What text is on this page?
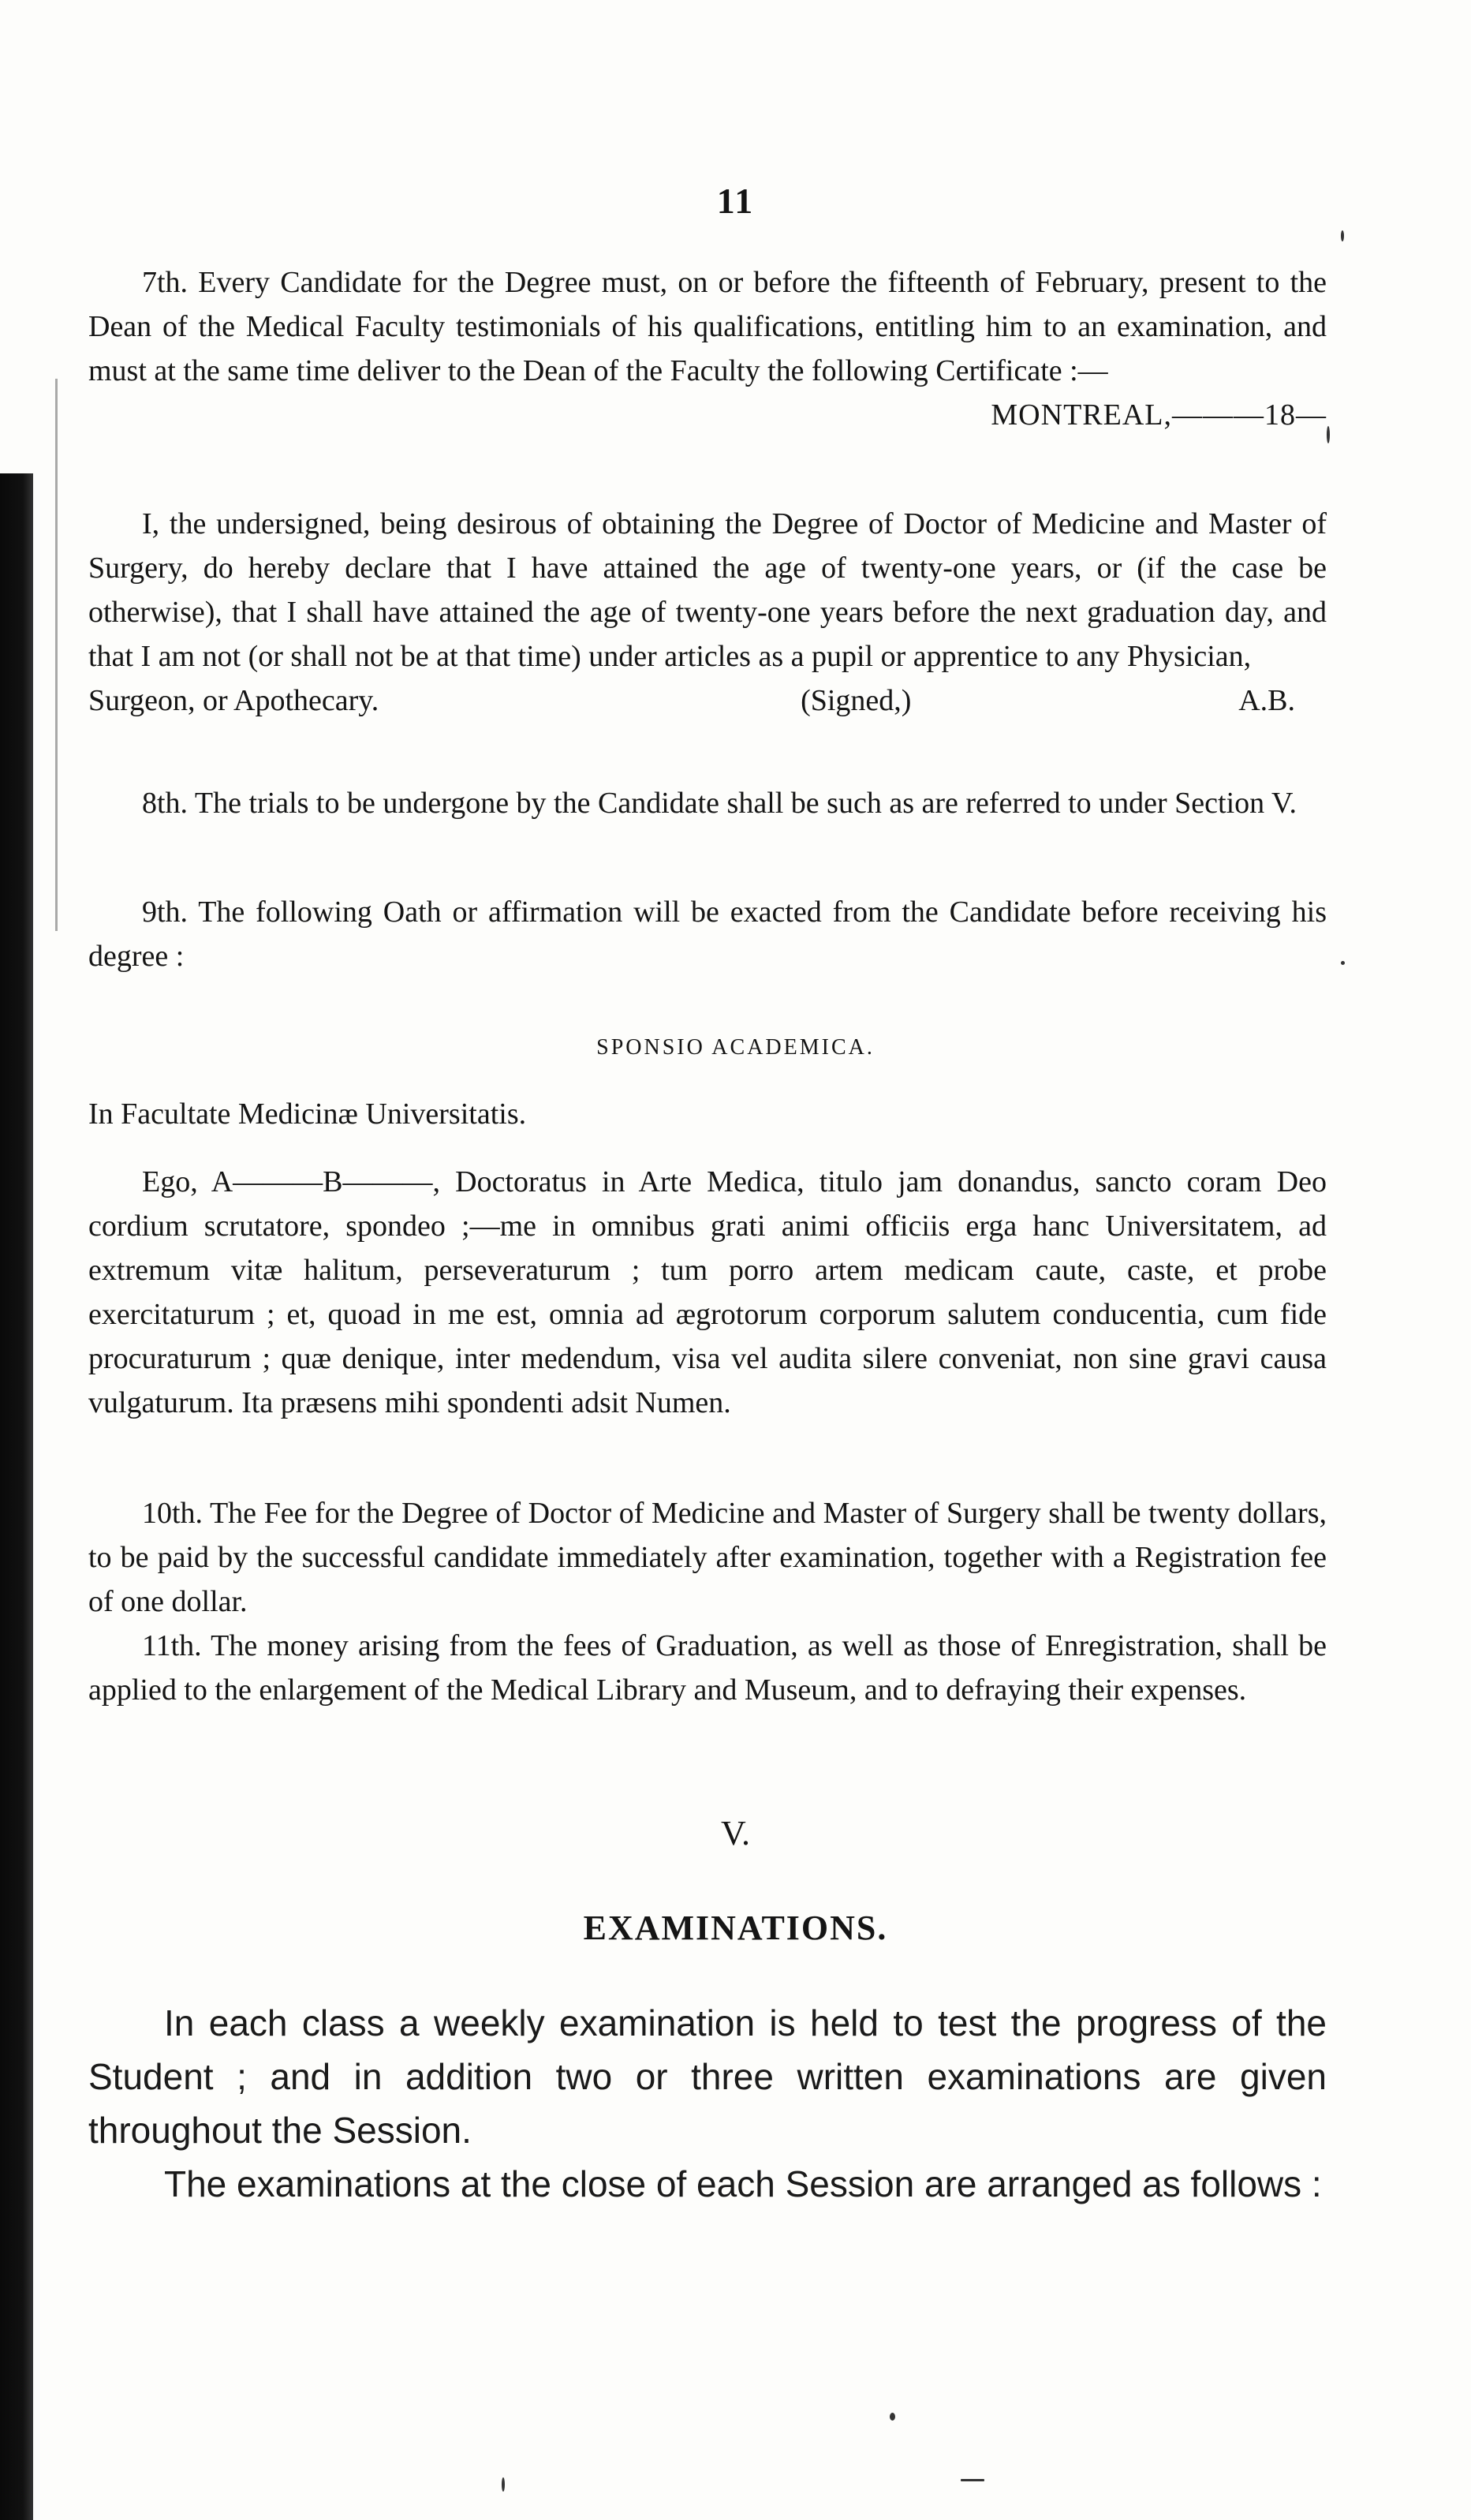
11

7th. Every Candidate for the Degree must, on or before the fifteenth of February, present to the Dean of the Medical Faculty testimonials of his qualifications, entitling him to an examination, and must at the same time deliver to the Dean of the Faculty the following Certificate :—

MONTREAL,———18—

I, the undersigned, being desirous of obtaining the Degree of Doctor of Medicine and Master of Surgery, do hereby declare that I have attained the age of twenty-one years, or (if the case be otherwise), that I shall have attained the age of twenty-one years before the next graduation day, and that I am not (or shall not be at that time) under articles as a pupil or apprentice to any Physician,

Surgeon, or Apothecary.	(Signed,)	A.B.

8th. The trials to be undergone by the Candidate shall be such as are referred to under Section V.

9th. The following Oath or affirmation will be exacted from the Candidate before receiving his degree :

SPONSIO ACADEMICA.

In Facultate Medicinæ Universitatis.

Ego, A———B———, Doctoratus in Arte Medica, titulo jam donandus, sancto coram Deo cordium scrutatore, spondeo ;—me in omnibus grati animi officiis erga hanc Universitatem, ad extremum vitæ halitum, perseveraturum ; tum porro artem medicam caute, caste, et probe exercitaturum ; et, quoad in me est, omnia ad ægrotorum corporum salutem conducentia, cum fide procuraturum ; quæ denique, inter medendum, visa vel audita silere conveniat, non sine gravi causa vulgaturum. Ita præsens mihi spondenti adsit Numen.

10th. The Fee for the Degree of Doctor of Medicine and Master of Surgery shall be twenty dollars, to be paid by the successful candidate immediately after examination, together with a Registration fee of one dollar.

11th. The money arising from the fees of Graduation, as well as those of Enregistration, shall be applied to the enlargement of the Medical Library and Museum, and to defraying their expenses.

V.
EXAMINATIONS.

In each class a weekly examination is held to test the progress of the Student ; and in addition two or three written examinations are given throughout the Session.

The examinations at the close of each Session are arranged as follows :
